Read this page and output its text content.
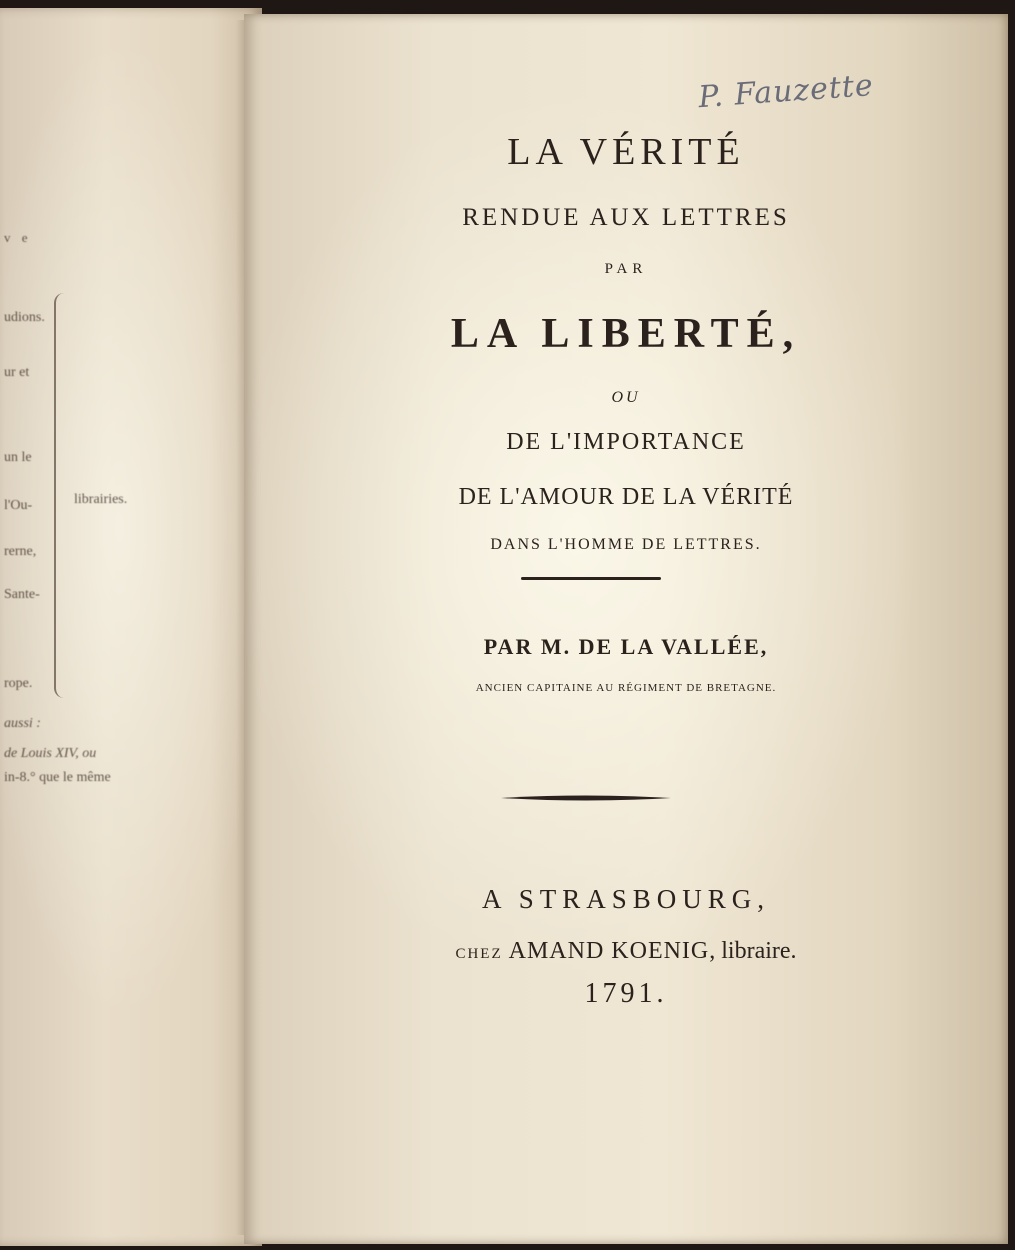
v e
udions.
ur et
un le
l'Ou-
rerne,
Sante-
rope.
librairies.
aussi :
de Louis XIV, ou
in-8.° que le même
P. Fauzette
LA VÉRITÉ
RENDUE AUX LETTRES
PAR
LA LIBERTÉ,
OU
DE L'IMPORTANCE
DE L'AMOUR DE LA VÉRITÉ
DANS L'HOMME DE LETTRES.
PAR M. DE LA VALLÉE,
ANCIEN CAPITAINE AU RÉGIMENT DE BRETAGNE.
A STRASBOURG,
CHEZ AMAND KOENIG, libraire.
1791.
